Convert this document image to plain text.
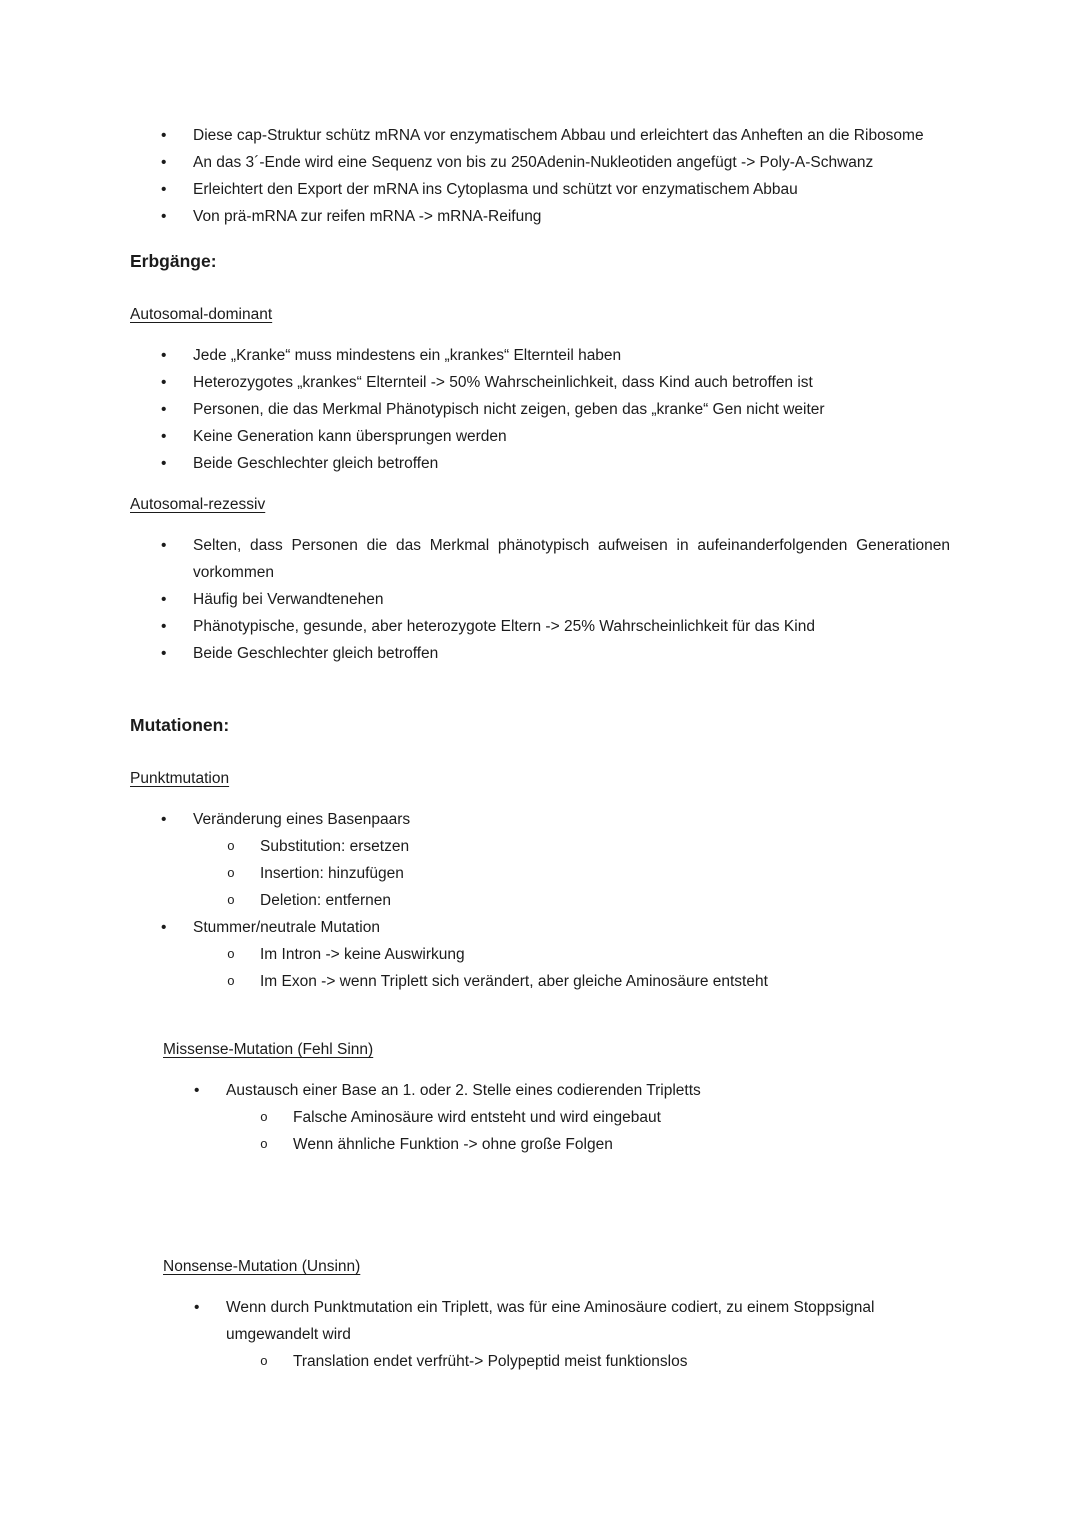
• Diese cap-Struktur schütz mRNA vor enzymatischem Abbau und erleichtert das Anheften an die Ribosome
• An das 3´-Ende wird eine Sequenz von bis zu 250Adenin-Nukleotiden angefügt -> Poly-A-Schwanz
• Erleichtert den Export der mRNA ins Cytoplasma und schützt vor enzymatischem Abbau
• Von prä-mRNA zur reifen mRNA -> mRNA-Reifung
Erbgänge:
Autosomal-dominant
• Jede „Kranke“ muss mindestens ein „krankes“ Elternteil haben
• Heterozygotes „krankes“ Elternteil -> 50% Wahrscheinlichkeit, dass Kind auch betroffen ist
• Personen, die das Merkmal Phänotypisch nicht zeigen, geben das „kranke“ Gen nicht weiter
• Keine Generation kann übersprungen werden
• Beide Geschlechter gleich betroffen
Autosomal-rezessiv
• Selten, dass Personen die das Merkmal phänotypisch aufweisen in aufeinanderfolgenden Generationen vorkommen
• Häufig bei Verwandtenehen
• Phänotypische, gesunde, aber heterozygote Eltern -> 25% Wahrscheinlichkeit für das Kind
• Beide Geschlechter gleich betroffen
Mutationen:
Punktmutation
• Veränderung eines Basenpaars
o Substitution: ersetzen
o Insertion: hinzufügen
o Deletion: entfernen
• Stummer/neutrale Mutation
o Im Intron -> keine Auswirkung
o Im Exon -> wenn Triplett sich verändert, aber gleiche Aminosäure entsteht
Missense-Mutation (Fehl Sinn)
• Austausch einer Base an 1. oder 2. Stelle eines codierenden Tripletts
o Falsche Aminosäure wird entsteht und wird eingebaut
o Wenn ähnliche Funktion -> ohne große Folgen
Nonsense-Mutation (Unsinn)
• Wenn durch Punktmutation ein Triplett, was für eine Aminosäure codiert, zu einem Stoppsignal umgewandelt wird
o Translation endet verfrüht-> Polypeptid meist funktionslos
